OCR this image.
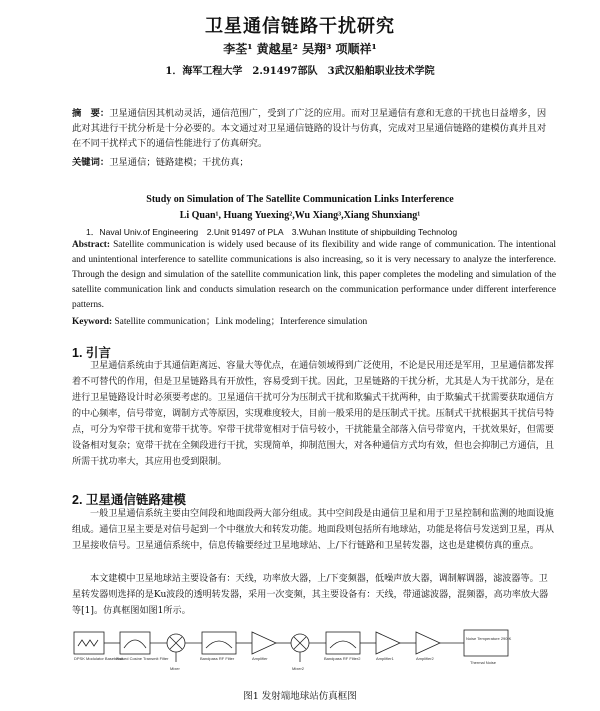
卫星通信链路干扰研究
李荃¹ 黄越星² 吴翔³ 项顺祥¹
1．海军工程大学　2.91497部队　3武汉船舶职业技术学院
摘　要：卫星通信因其机动灵活，通信范围广，受到了广泛的应用。而对卫星通信有意和无意的干扰也日益增多，因此对其进行干扰分析是十分必要的。本文通过对卫星通信链路的设计与仿真，完成对卫星通信链路的建模仿真并且对在不同干扰样式下的通信性能进行了仿真研究。
关键词：卫星通信；链路建模；干扰仿真；
Study on Simulation of The Satellite Communication Links Interference
Li Quan¹, Huang Yuexing²,Wu Xiang³,Xiang Shunxiang¹
1．Naval Univ.of Engineering　2.Unit 91497 of PLA　3.Wuhan Institute of shipbuilding Technolog
Abstract: Satellite communication is widely used because of its flexibility and wide range of communication. The intentional and unintentional interference to satellite communications is also increasing, so it is very necessary to analyze the interference. Through the design and simulation of the satellite communication link, this paper completes the modeling and simulation of the satellite communication link and conducts simulation research on the communication performance under different interference patterns.
Keyword: Satellite communication；Link modeling；Interference simulation
1. 引言
卫星通信系统由于其通信距离远、容量大等优点，在通信领域得到广泛使用，不论是民用还是军用，卫星通信都发挥着不可替代的作用，但是卫星链路具有开放性，容易受到干扰。因此，卫星链路的干扰分析，尤其是人为干扰部分，是在进行卫星链路设计时必须要考虑的。卫星通信干扰可分为压制式干扰和欺骗式干扰两种，由于欺骗式干扰需要获取通信方的中心频率，信号带宽，调制方式等原因，实现难度较大，目前一般采用的是压制式干扰。压制式干扰根据其干扰信号特点，可分为窄带干扰和宽带干扰等。窄带干扰带宽相对于信号较小，干扰能量全部落入信号带宽内，干扰效果好，但需要设备相对复杂；宽带干扰在全频段进行干扰，实现简单，抑制范围大，对各种通信方式均有效，但也会抑制己方通信，且所需干扰功率大，其应用也受到限制。
2. 卫星通信链路建模
一般卫星通信系统主要由空间段和地面段两大部分组成。其中空间段是由通信卫星和用于卫星控制和监测的地面设施组成。通信卫星主要是对信号起到一个中继放大和转发功能。地面段则包括所有地球站，功能是将信号发送到卫星，再从卫星接收信号。卫星通信系统中，信息传输要经过卫星地球站、上/下行链路和卫星转发器，这也是建模仿真的重点。
本文建模中卫星地球站主要设备有：天线，功率放大器，上/下变频器，低噪声放大器，调制解调器，滤波器等。卫星转发器则选择的是Ku波段的透明转发器，采用一次变频，其主要设备有：天线，带通滤波器，混频器，高功率放大器等[1]。仿真框图如图1所示。
DPSK Modulator Baseband
Raised Cosine Transmit Filter
Mixer
Bandpass RF Filter	Amplifier
Mixer2
Bandpass RF Filter2	Amplifier1	Amplifier2
Noise Temperature 290 K
Thermal Noise
图1 发射端地球站仿真框图
